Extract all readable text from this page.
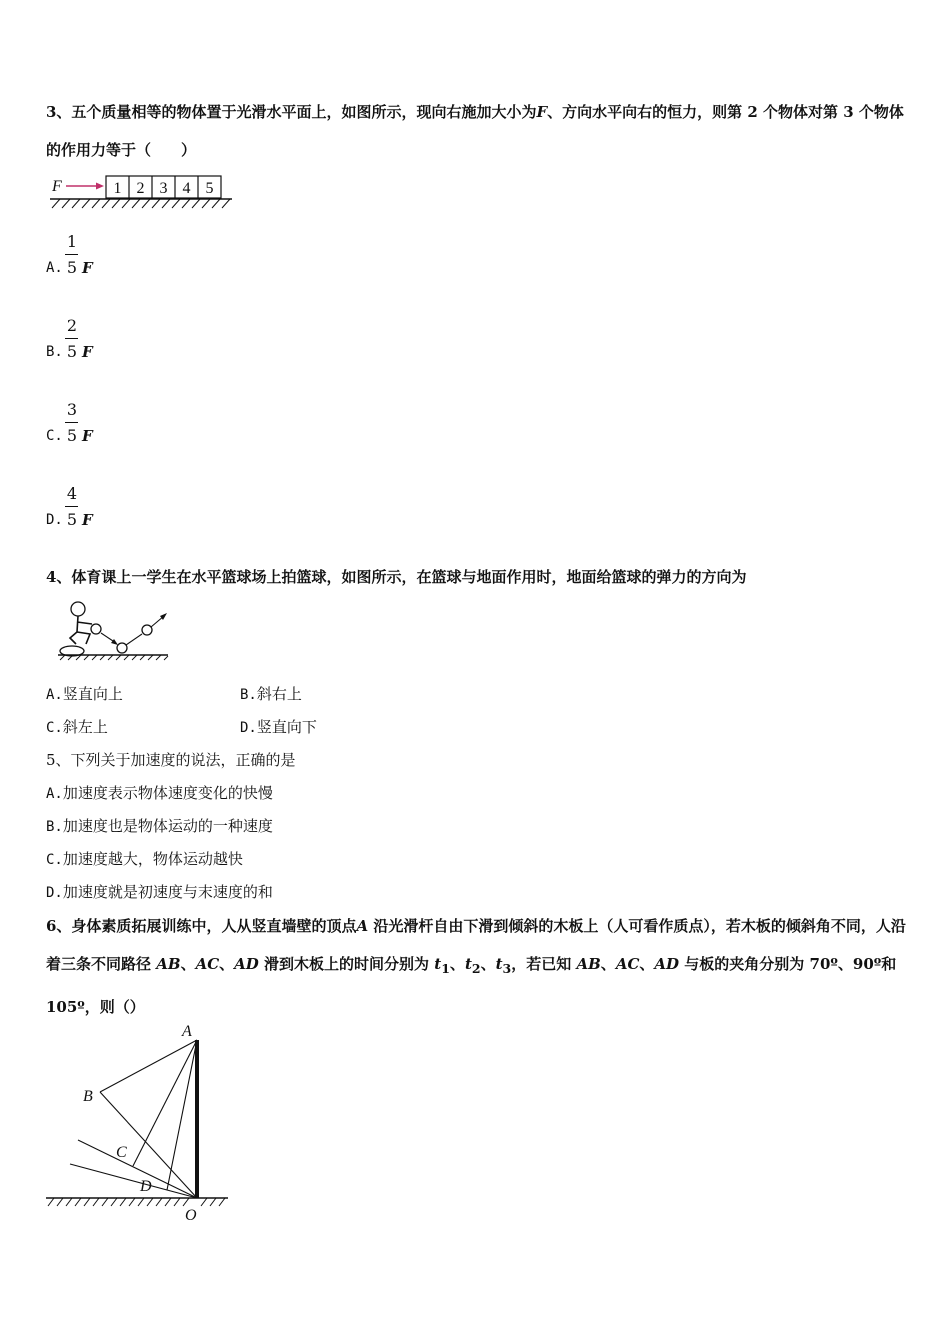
3、五个质量相等的物体置于光滑水平面上，如图所示，现向右施加大小为F、方向水平向右的恒力，则第 2 个物体对第 3 个物体的作用力等于（　　）
F	1 2 3 4 5
A.
1
5 F
B.
2
5 F
C.
3
5 F
D.
4
5 F
4、体育课上一学生在水平篮球场上拍篮球，如图所示，在篮球与地面作用时，地面给篮球的弹力的方向为
A.竖直向上	B.斜右上
C.斜左上	D.竖直向下
5、下列关于加速度的说法，正确的是
A.加速度表示物体速度变化的快慢
B.加速度也是物体运动的一种速度
C.加速度越大，物体运动越快
D.加速度就是初速度与末速度的和
6、身体素质拓展训练中，人从竖直墙壁的顶点A 沿光滑杆自由下滑到倾斜的木板上（人可看作质点），若木板的倾斜角不同，人沿着三条不同路径 AB、AC、AD 滑到木板上的时间分别为 $t_1$、$t_2$、$t_3$，若已知 AB、AC、AD 与板的夹角分别为 70º、90º和 105º，则（）
A
B
C
D
O
